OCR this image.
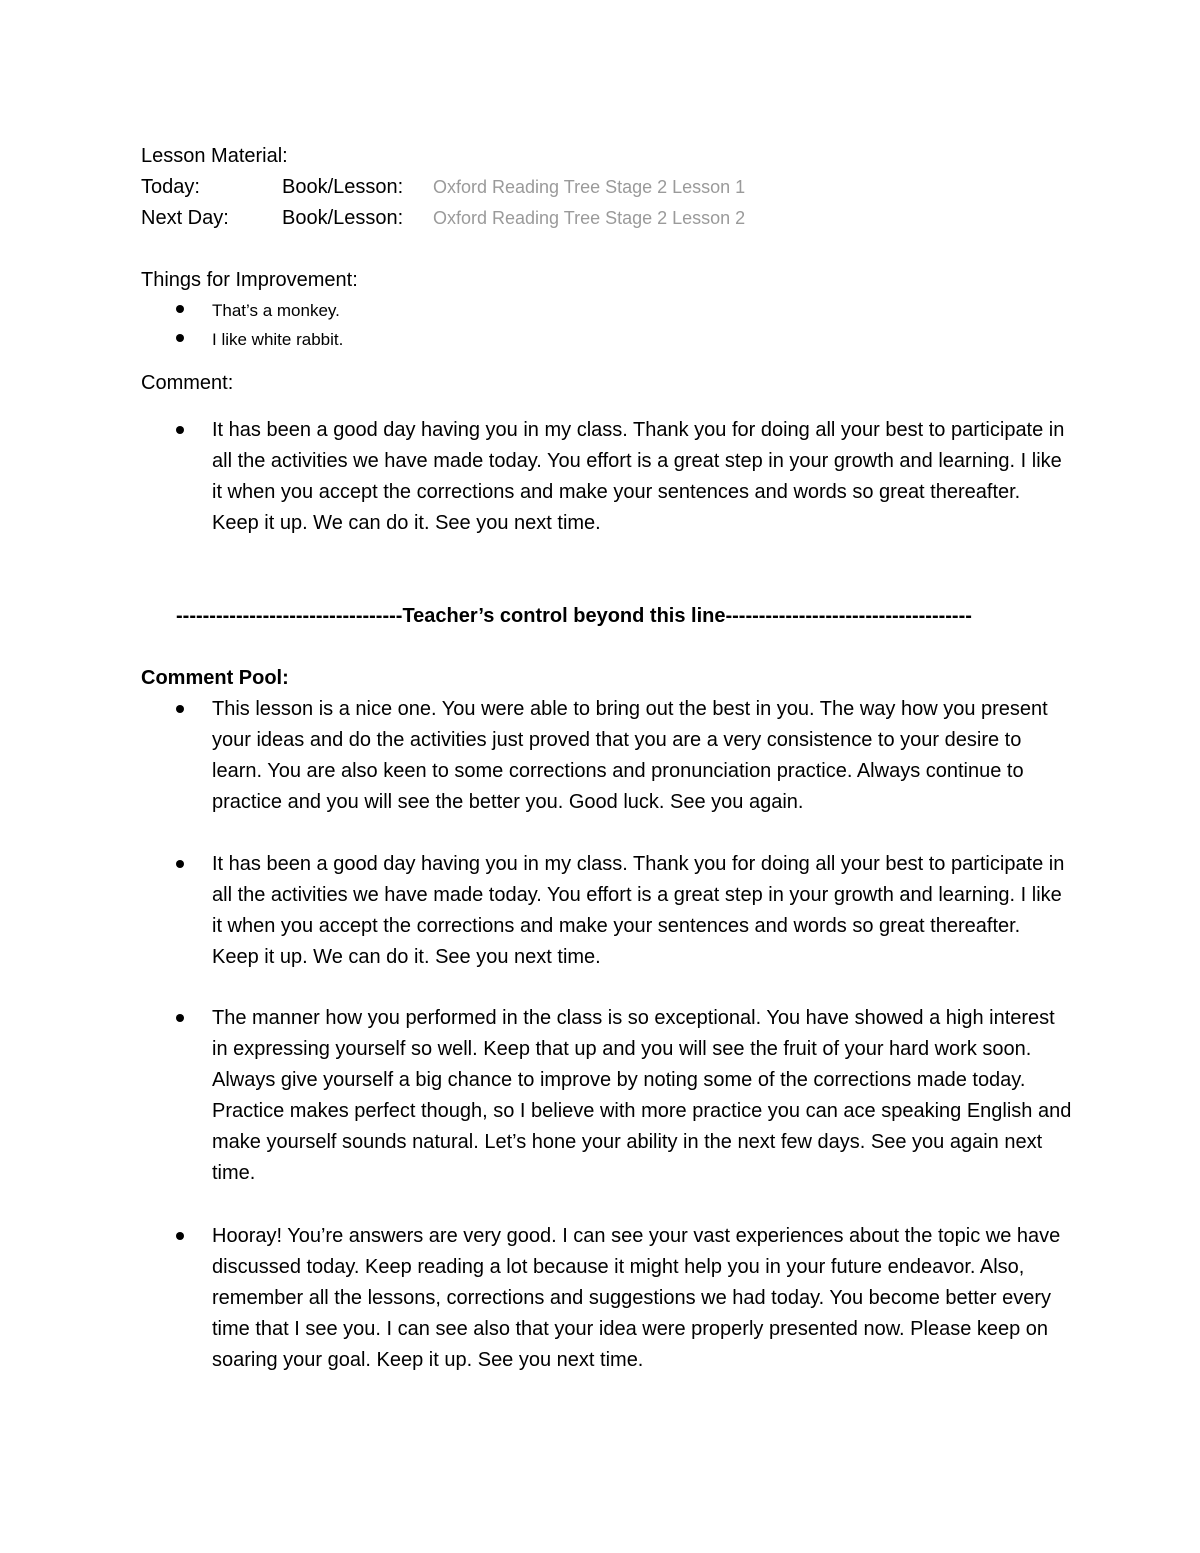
Lesson Material:
Today:	Book/Lesson: Oxford Reading Tree Stage 2 Lesson 1
Next Day:	Book/Lesson: Oxford Reading Tree Stage 2 Lesson 2
Things for Improvement:
That’s a monkey.
I like white rabbit.
Comment:
It has been a good day having you in my class. Thank you for doing all your best to participate in all the activities we have made today. You effort is a great step in your growth and learning. I like it when you accept the corrections and make your sentences and words so great thereafter. Keep it up. We can do it. See you next time.
----------------------------------Teacher’s control beyond this line-------------------------------------
Comment Pool:
This lesson is a nice one. You were able to bring out the best in you. The way how you present your ideas and do the activities just proved that you are a very consistence to your desire to learn. You are also keen to some corrections and pronunciation practice. Always continue to practice and you will see the better you. Good luck. See you again.
It has been a good day having you in my class. Thank you for doing all your best to participate in all the activities we have made today. You effort is a great step in your growth and learning. I like it when you accept the corrections and make your sentences and words so great thereafter. Keep it up. We can do it. See you next time.
The manner how you performed in the class is so exceptional. You have showed a high interest in expressing yourself so well. Keep that up and you will see the fruit of your hard work soon. Always give yourself a big chance to improve by noting some of the corrections made today. Practice makes perfect though, so I believe with more practice you can ace speaking English and make yourself sounds natural. Let’s hone your ability in the next few days. See you again next time.
Hooray! You’re answers are very good. I can see your vast experiences about the topic we have discussed today. Keep reading a lot because it might help you in your future endeavor. Also, remember all the lessons, corrections and suggestions we had today. You become better every time that I see you. I can see also that your idea were properly presented now. Please keep on soaring your goal. Keep it up. See you next time.
